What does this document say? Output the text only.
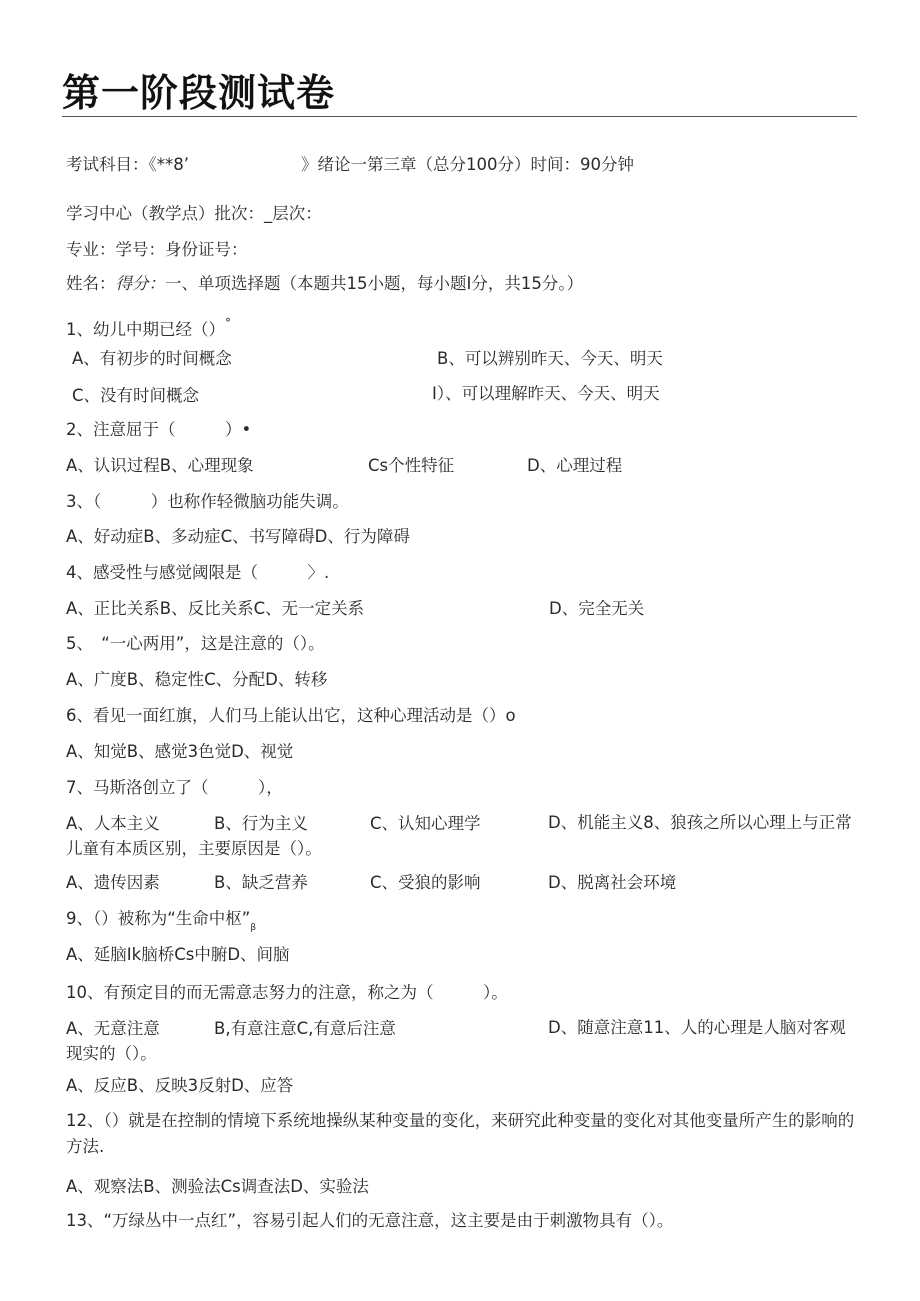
第一阶段测试卷
考试科目：《**8’	》绪论一第三章（总分100分）时间：90分钟
学习中心（教学点）批次：_层次：
专业：学号：身份证号：
姓名：得分：一、单项选择题（本题共15小题，每小题I分，共15分。）
1、幼儿中期已经（）°
A、有初步的时间概念	B、可以辨别昨天、今天、明天
C、没有时间概念	I）、可以理解昨天、今天、明天
2、注意屈于（　　　）•
A、认识过程B、心理现象	Cs个性特征	D、心理过程
3、（　　　）也称作轻微脑功能失调。
A、好动症B、多动症C、书写障碍D、行为障碍
4、感受性与感觉阈限是（　　　〉.
A、正比关系B、反比关系C、无一定关系	D、完全无关
5、　“一心两用”，这是注意的（）。
A、广度B、稳定性C、分配D、转移
6、看见一面红旗，人们马上能认出它，这种心理活动是（）o
A、知觉B、感觉3色觉D、视觉
7、马斯洛创立了（　　　），
A、人本主义	B、行为主义	C、认知心理学	D、机能主义8、狼孩之所以心理上与正常儿童有本质区别，主要原因是（）。
A、遗传因素	B、缺乏营养	C、受狼的影响	D、脱离社会环境
9、（）被称为“生命中枢$”_\beta$
A、延脑Ik脑桥Cs中腑D、间脑
10、有预定目的而无需意志努力的注意，称之为（　　　）。
A、无意注意	B,有意注意C,有意后注意	D、随意注意11、人的心理是人脑对客观现实的（）。
A、反应B、反映3反射D、应答
12、（）就是在控制的情境下系统地操纵某种变量的变化，来研究此种变量的变化对其他变量所产生的影响的方法.
A、观察法B、测验法Cs调查法D、实验法
13、“万绿丛中一点红”，容易引起人们的无意注意，这主要是由于刺激物具有（）。
